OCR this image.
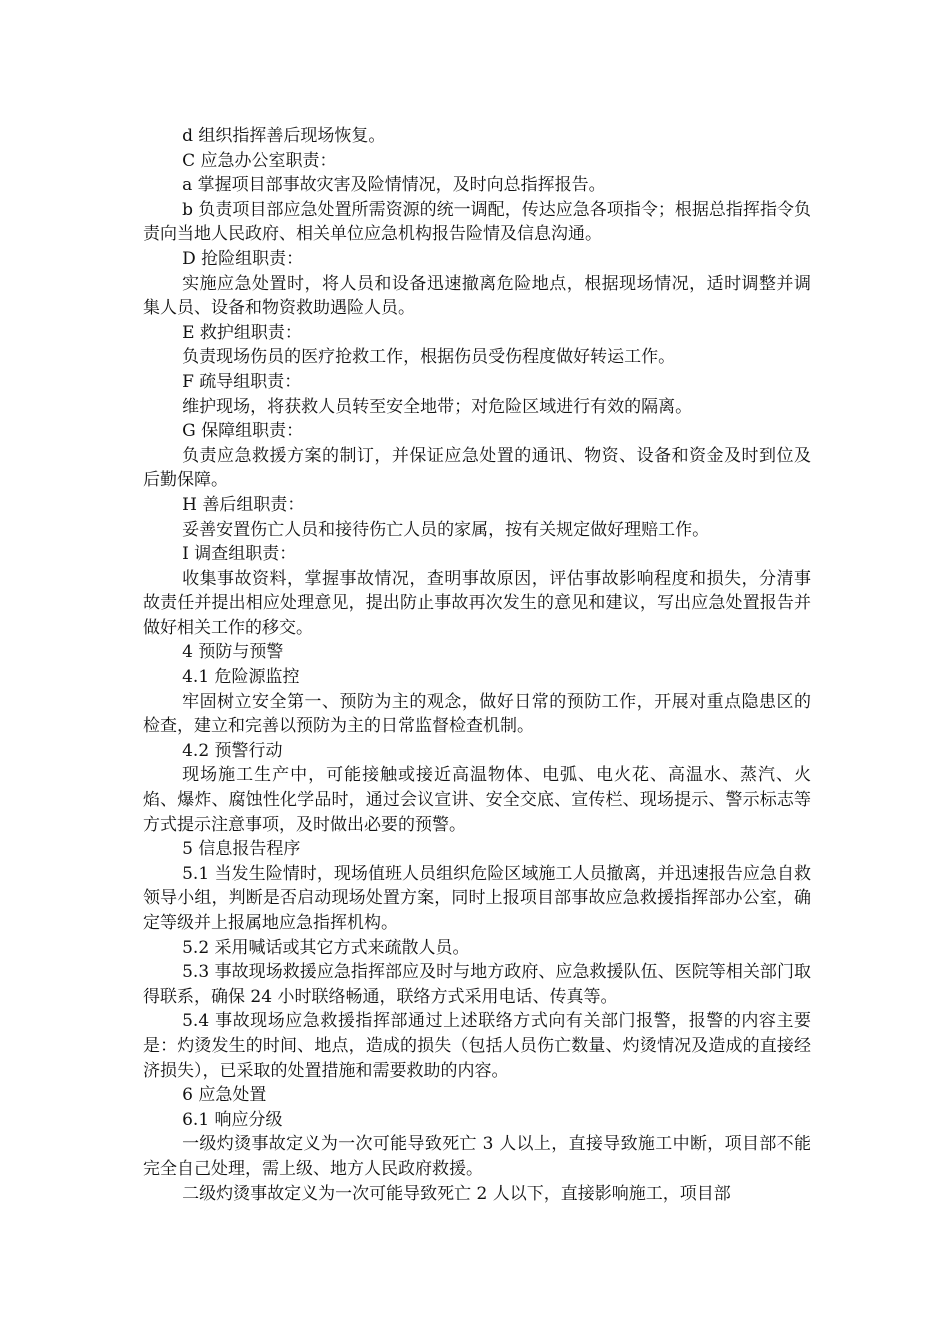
d 组织指挥善后现场恢复。

C 应急办公室职责：

a 掌握项目部事故灾害及险情情况，及时向总指挥报告。

b 负责项目部应急处置所需资源的统一调配，传达应急各项指令；根据总指挥指令负责向当地人民政府、相关单位应急机构报告险情及信息沟通。

D 抢险组职责：

实施应急处置时，将人员和设备迅速撤离危险地点，根据现场情况，适时调整并调集人员、设备和物资救助遇险人员。

E 救护组职责：

负责现场伤员的医疗抢救工作，根据伤员受伤程度做好转运工作。

F 疏导组职责：

维护现场，将获救人员转至安全地带；对危险区域进行有效的隔离。

G 保障组职责：

负责应急救援方案的制订，并保证应急处置的通讯、物资、设备和资金及时到位及后勤保障。

H 善后组职责：

妥善安置伤亡人员和接待伤亡人员的家属，按有关规定做好理赔工作。

I 调查组职责：

收集事故资料，掌握事故情况，查明事故原因，评估事故影响程度和损失，分清事故责任并提出相应处理意见，提出防止事故再次发生的意见和建议，写出应急处置报告并做好相关工作的移交。

4 预防与预警

4.1 危险源监控

牢固树立安全第一、预防为主的观念，做好日常的预防工作，开展对重点隐患区的检查，建立和完善以预防为主的日常监督检查机制。

4.2 预警行动

现场施工生产中，可能接触或接近高温物体、电弧、电火花、高温水、蒸汽、火焰、爆炸、腐蚀性化学品时，通过会议宣讲、安全交底、宣传栏、现场提示、警示标志等方式提示注意事项，及时做出必要的预警。

5 信息报告程序

5.1 当发生险情时，现场值班人员组织危险区域施工人员撤离，并迅速报告应急自救领导小组，判断是否启动现场处置方案，同时上报项目部事故应急救援指挥部办公室，确定等级并上报属地应急指挥机构。

5.2 采用喊话或其它方式来疏散人员。

5.3 事故现场救援应急指挥部应及时与地方政府、应急救援队伍、医院等相关部门取得联系，确保 24 小时联络畅通，联络方式采用电话、传真等。

5.4 事故现场应急救援指挥部通过上述联络方式向有关部门报警，报警的内容主要是：灼烫发生的时间、地点，造成的损失（包括人员伤亡数量、灼烫情况及造成的直接经济损失），已采取的处置措施和需要救助的内容。

6 应急处置

6.1 响应分级

一级灼烫事故定义为一次可能导致死亡 3 人以上，直接导致施工中断，项目部不能完全自己处理，需上级、地方人民政府救援。

二级灼烫事故定义为一次可能导致死亡 2 人以下，直接影响施工，项目部
